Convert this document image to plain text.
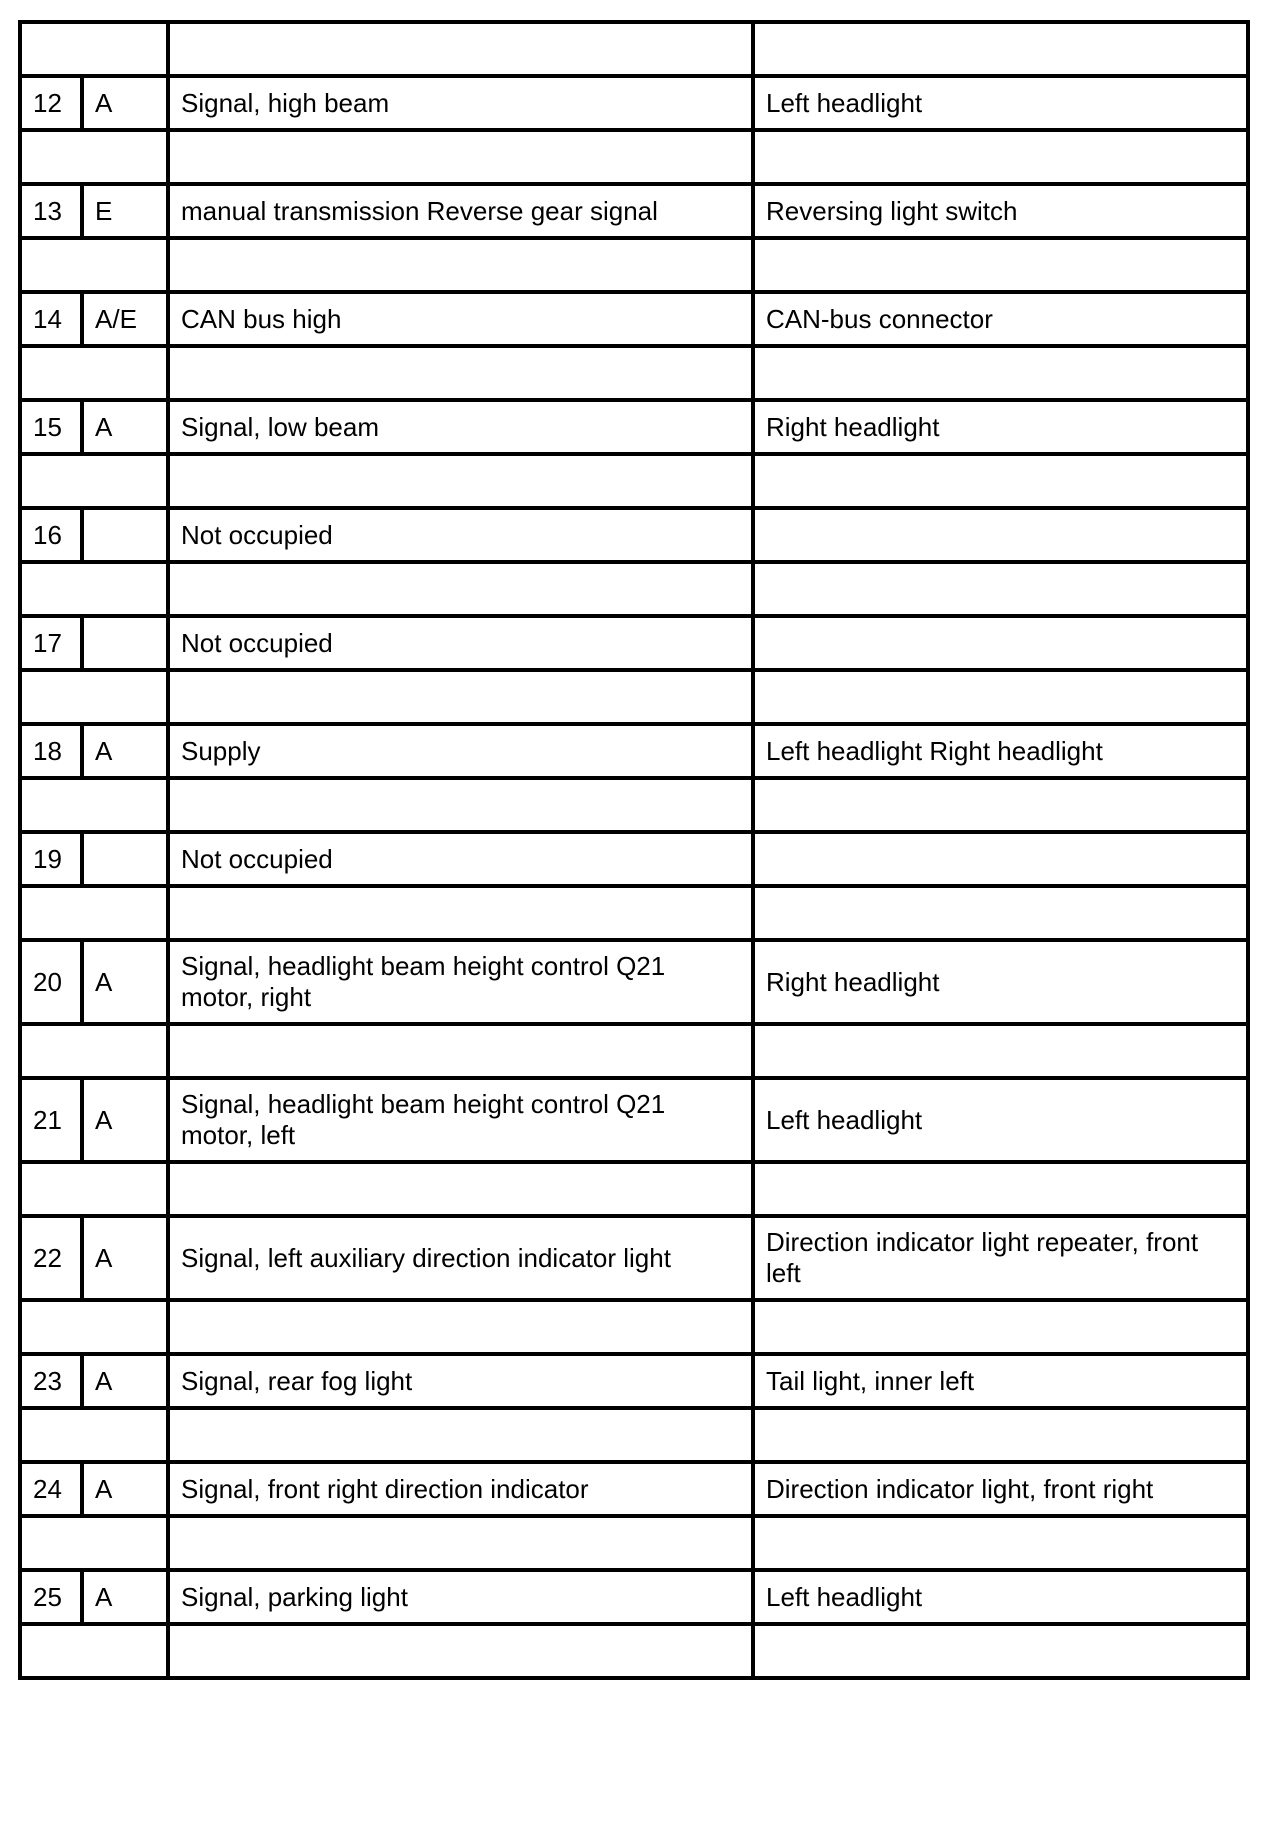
12	A	Signal, high beam	Left headlight

13	E	manual transmission Reverse gear signal	Reversing light switch

14	A/E	CAN bus high	CAN-bus connector

15	A	Signal, low beam	Right headlight

16		Not occupied	

17		Not occupied	

18	A	Supply	Left headlight Right headlight

19		Not occupied	

20	A	Signal, headlight beam height control Q21 motor, right	Right headlight

21	A	Signal, headlight beam height control Q21 motor, left	Left headlight

22	A	Signal, left auxiliary direction indicator light	Direction indicator light repeater, front left

23	A	Signal, rear fog light	Tail light, inner left

24	A	Signal, front right direction indicator	Direction indicator light, front right

25	A	Signal, parking light	Left headlight
